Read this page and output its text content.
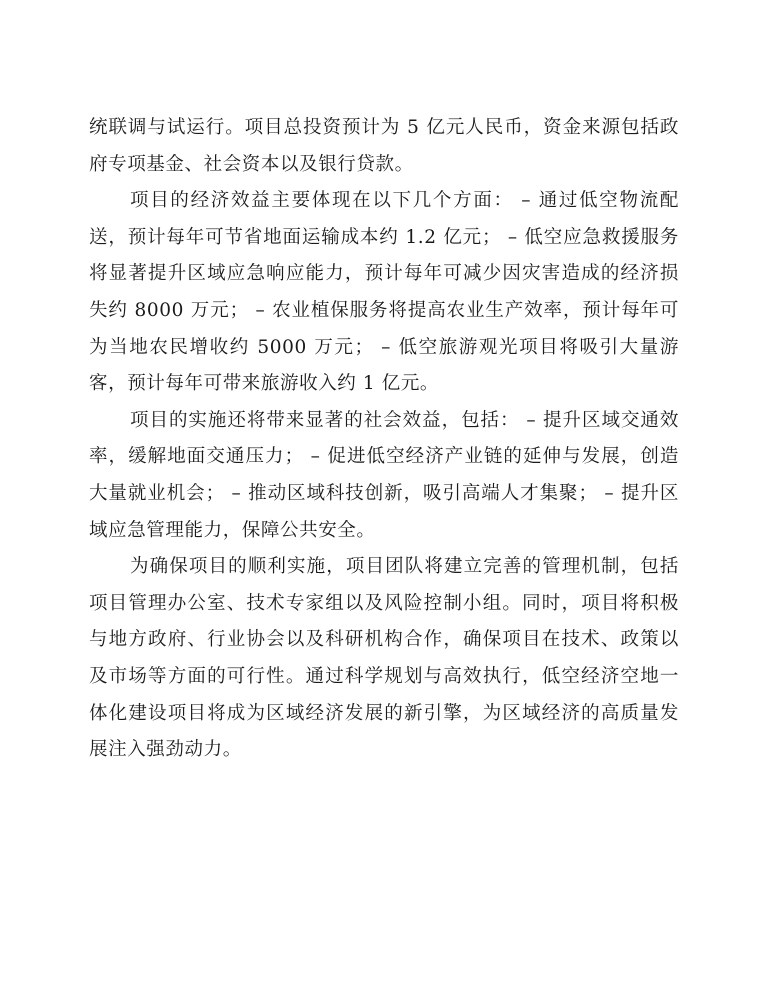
统联调与试运行。项目总投资预计为 5 亿元人民币，资金来源包括政府专项基金、社会资本以及银行贷款。

项目的经济效益主要体现在以下几个方面： – 通过低空物流配送，预计每年可节省地面运输成本约 1.2 亿元； – 低空应急救援服务将显著提升区域应急响应能力，预计每年可减少因灾害造成的经济损失约 8000 万元； – 农业植保服务将提高农业生产效率，预计每年可为当地农民增收约 5000 万元； – 低空旅游观光项目将吸引大量游客，预计每年可带来旅游收入约 1 亿元。

项目的实施还将带来显著的社会效益，包括： – 提升区域交通效率，缓解地面交通压力； – 促进低空经济产业链的延伸与发展，创造大量就业机会； – 推动区域科技创新，吸引高端人才集聚； – 提升区域应急管理能力，保障公共安全。

为确保项目的顺利实施，项目团队将建立完善的管理机制，包括项目管理办公室、技术专家组以及风险控制小组。同时，项目将积极与地方政府、行业协会以及科研机构合作，确保项目在技术、政策以及市场等方面的可行性。通过科学规划与高效执行，低空经济空地一体化建设项目将成为区域经济发展的新引擎，为区域经济的高质量发展注入强劲动力。
